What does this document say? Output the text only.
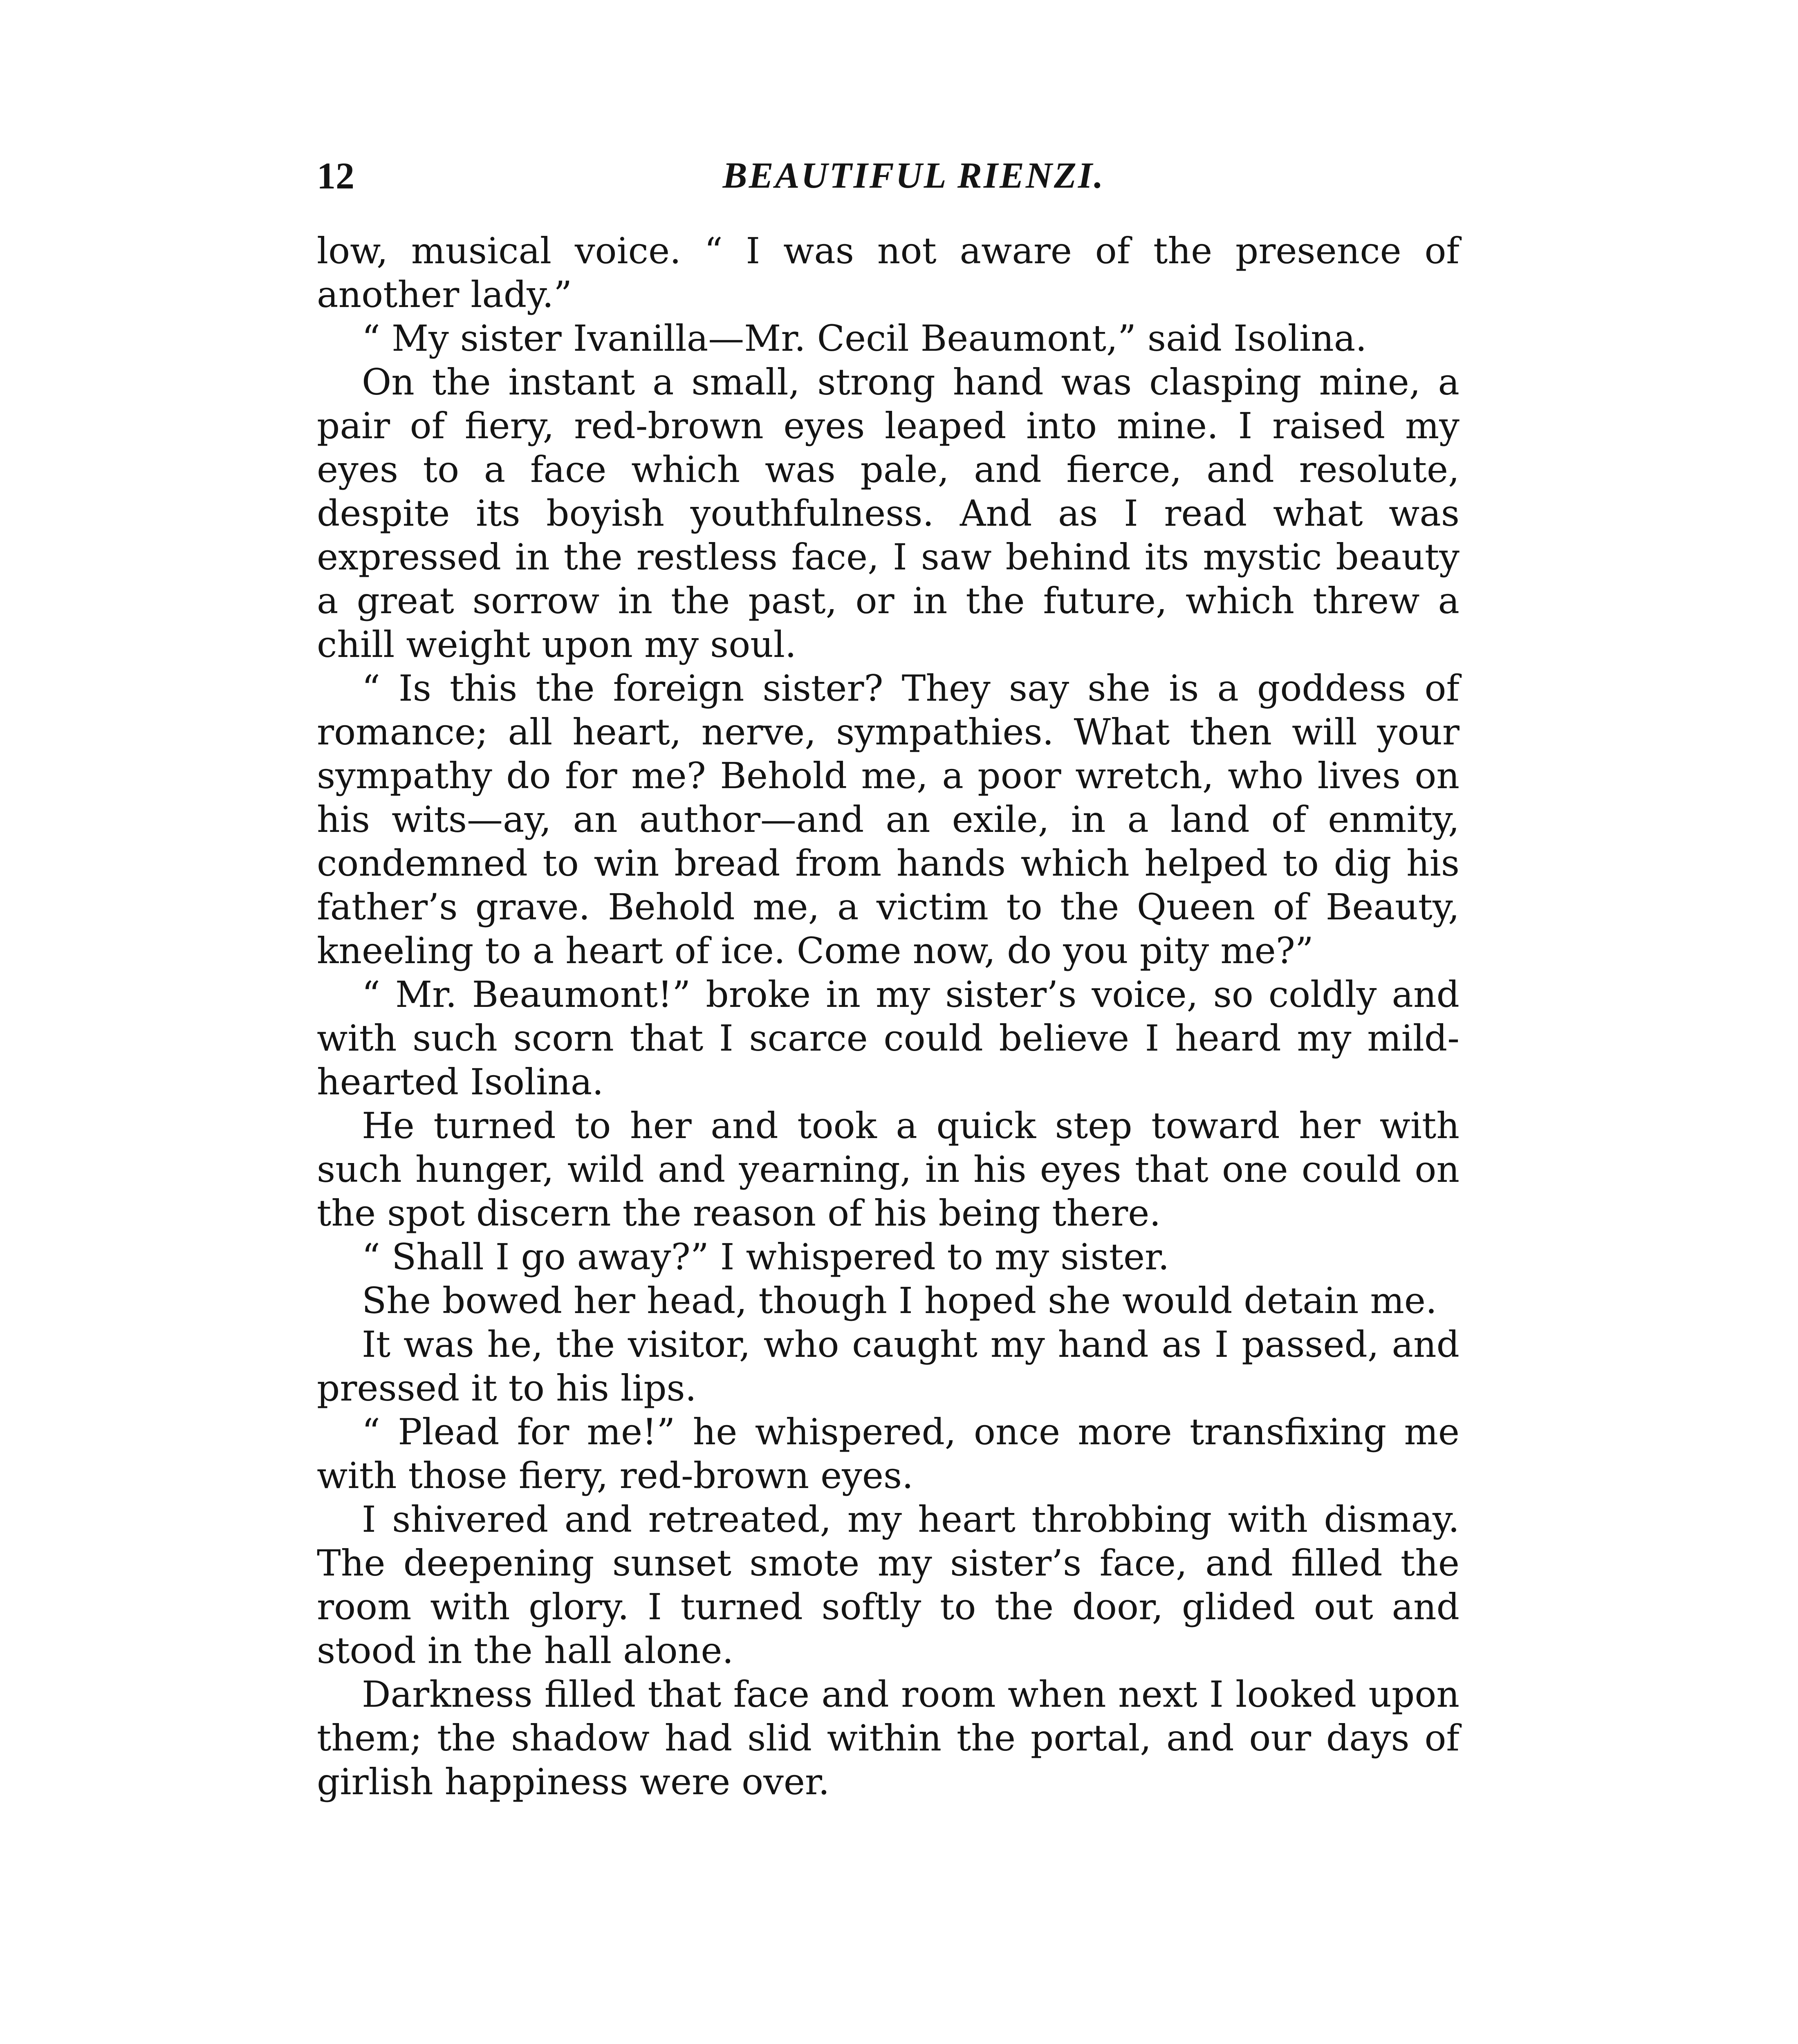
12	BEAUTIFUL RIENZI.

low, musical voice. “ I was not aware of the presence of another lady.”

“ My sister Ivanilla—Mr. Cecil Beaumont,” said Isolina.

On the instant a small, strong hand was clasping mine, a pair of fiery, red-brown eyes leaped into mine. I raised my eyes to a face which was pale, and fierce, and resolute, despite its boyish youthfulness. And as I read what was expressed in the restless face, I saw behind its mystic beauty a great sorrow in the past, or in the future, which threw a chill weight upon my soul.

“ Is this the foreign sister? They say she is a goddess of romance; all heart, nerve, sympathies. What then will your sympathy do for me? Behold me, a poor wretch, who lives on his wits—ay, an author—and an exile, in a land of enmity, condemned to win bread from hands which helped to dig his father’s grave. Behold me, a victim to the Queen of Beauty, kneeling to a heart of ice. Come now, do you pity me?”

“ Mr. Beaumont!” broke in my sister’s voice, so coldly and with such scorn that I scarce could believe I heard my mild-hearted Isolina.

He turned to her and took a quick step toward her with such hunger, wild and yearning, in his eyes that one could on the spot discern the reason of his being there.

“ Shall I go away?” I whispered to my sister.

She bowed her head, though I hoped she would detain me.

It was he, the visitor, who caught my hand as I passed, and pressed it to his lips.

“ Plead for me!” he whispered, once more transfixing me with those fiery, red-brown eyes.

I shivered and retreated, my heart throbbing with dismay. The deepening sunset smote my sister’s face, and filled the room with glory. I turned softly to the door, glided out and stood in the hall alone.

Darkness filled that face and room when next I looked upon them; the shadow had slid within the portal, and our days of girlish happiness were over.
